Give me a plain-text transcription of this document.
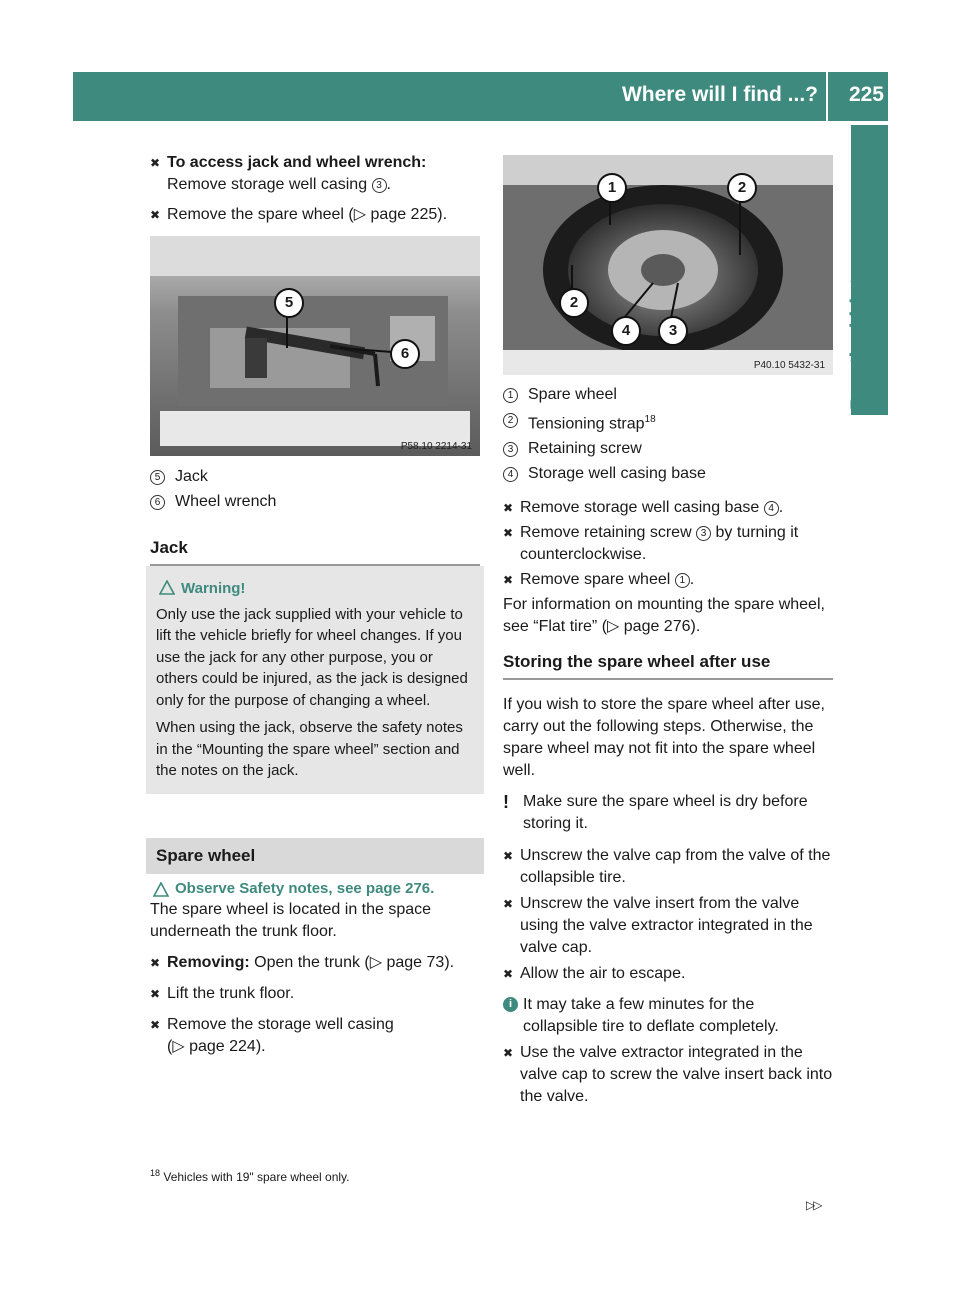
Where will I find ...? 225
Practical hints
✖ To access jack and wheel wrench:
Remove storage well casing 3 .
✖ Remove the spare wheel (▷ page 225).
5
6
P58.10 2214-31
5 Jack
6 Wheel wrench
Jack
Warning!

Only use the jack supplied with your vehicle to lift the vehicle briefly for wheel changes. If you use the jack for any other purpose, you or others could be injured, as the jack is designed only for the purpose of changing a wheel.

When using the jack, observe the safety notes in the “Mounting the spare wheel” section and the notes on the jack.

Spare wheel
Observe Safety notes, see page 276.

The spare wheel is located in the space underneath the trunk floor.

✖ Removing: Open the trunk (▷ page 73).
✖ Lift the trunk floor.
✖ Remove the storage well casing
(▷ page 224).
1	2
2
4	3
P40.10 5432-31
1 Spare wheel
2 Tensioning strap$^{18}$
3 Retaining screw
4 Storage well casing base
✖ Remove storage well casing base 4 .
✖ Remove retaining screw 3 by turning it counterclockwise.
✖ Remove spare wheel 1 .

For information on mounting the spare wheel, see “Flat tire” (▷ page 276).

Storing the spare wheel after use

If you wish to store the spare wheel after use, carry out the following steps. Otherwise, the spare wheel may not fit into the spare wheel well.

! Make sure the spare wheel is dry before storing it.
✖ Unscrew the valve cap from the valve of the collapsible tire.
✖ Unscrew the valve insert from the valve using the valve extractor integrated in the valve cap.
✖ Allow the air to escape.
i It may take a few minutes for the collapsible tire to deflate completely.
✖ Use the valve extractor integrated in the valve cap to screw the valve insert back into the valve.
$^{18}$ Vehicles with 19" spare wheel only.
▷▷
